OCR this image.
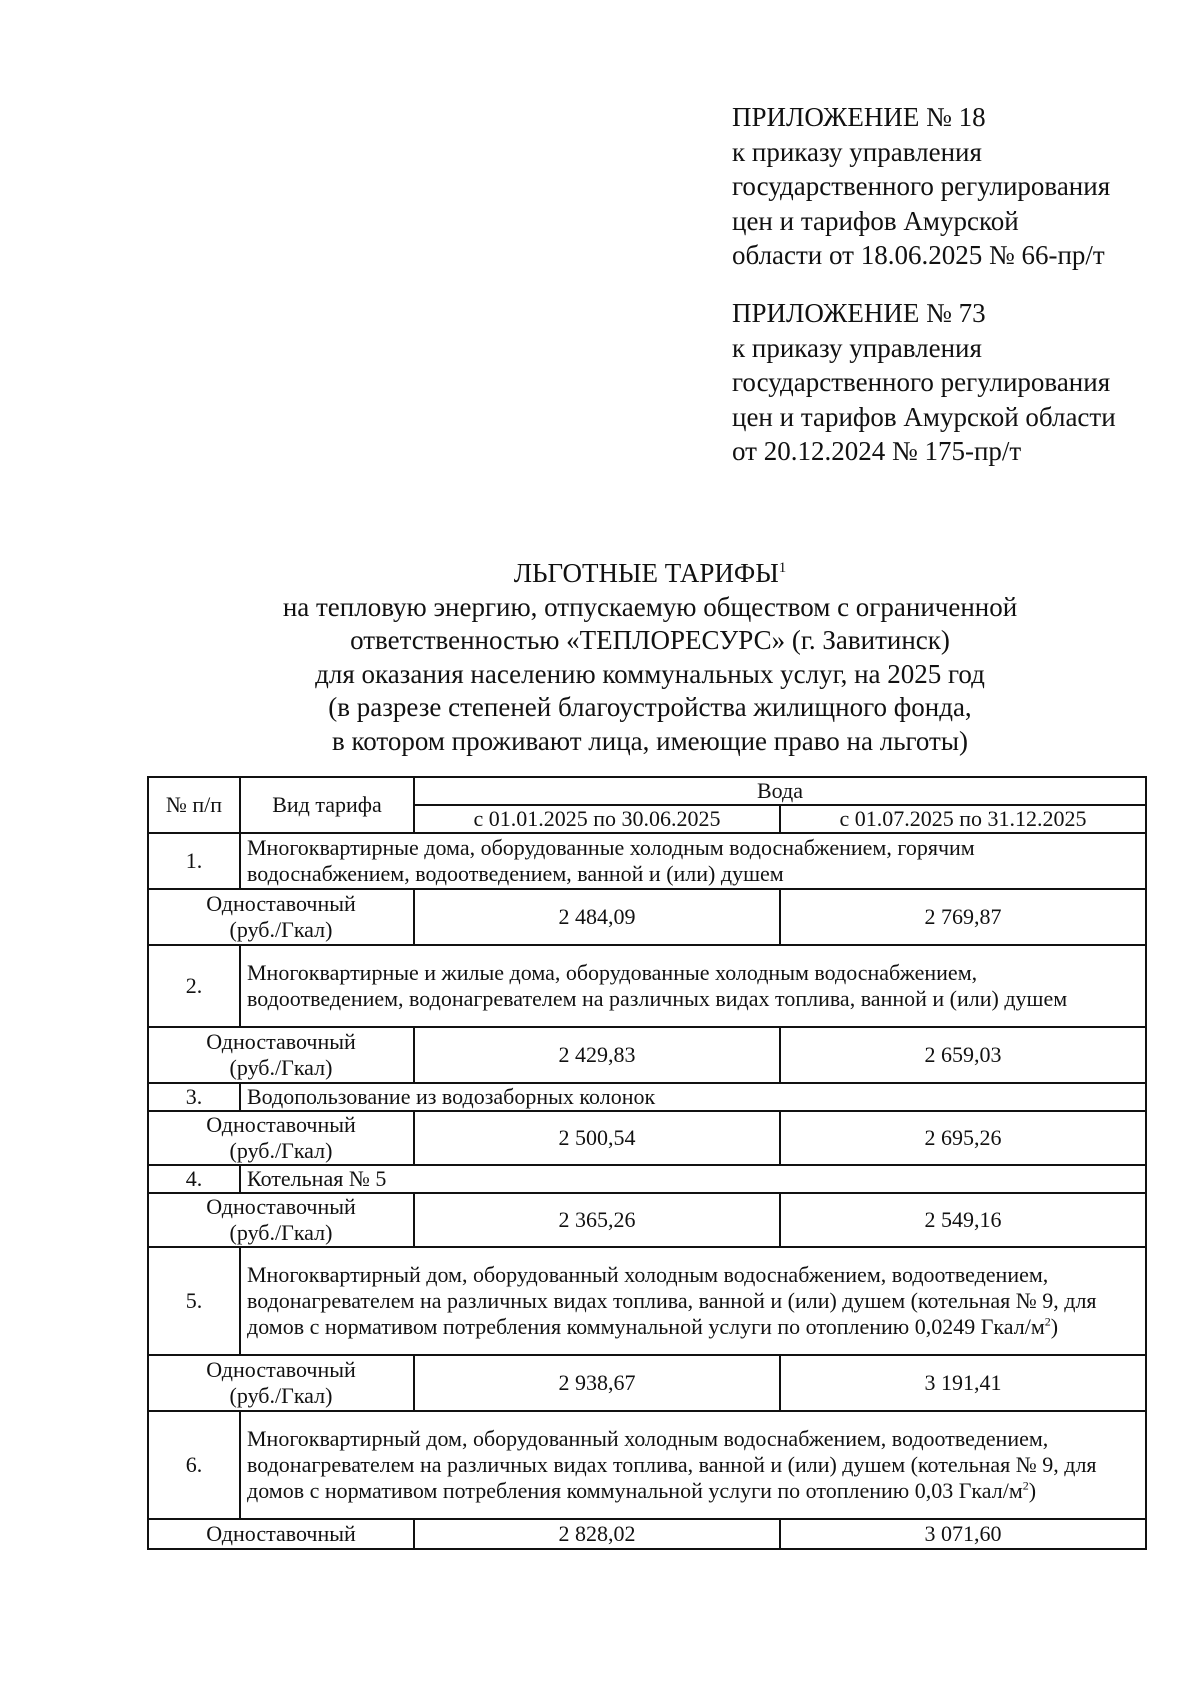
ПРИЛОЖЕНИЕ № 18
к приказу управления
государственного регулирования
цен и тарифов Амурской
области от 18.06.2025 № 66-пр/т
ПРИЛОЖЕНИЕ № 73
к приказу управления
государственного регулирования
цен и тарифов Амурской области
от 20.12.2024 № 175-пр/т
ЛЬГОТНЫЕ ТАРИФЫ$^1$
на тепловую энергию, отпускаемую обществом с ограниченной
ответственностью «ТЕПЛОРЕСУРС» (г. Завитинск)
для оказания населению коммунальных услуг, на 2025 год
(в разрезе степеней благоустройства жилищного фонда,
в котором проживают лица, имеющие право на льготы)
№ п/п	Вид тарифа	Вода	
		с 01.01.2025 по 30.06.2025	с 01.07.2025 по 31.12.2025
1.	Многоквартирные дома, оборудованные холодным водоснабжением, горячим водоснабжением, водоотведением, ванной и (или) душем		

Одноставочный
(руб./Гкал)		2 484,09	2 769,87
2.	Многоквартирные и жилые дома, оборудованные холодным водоснабжением, водоотведением, водонагревателем на различных видах топлива, ванной и (или) душем		

Одноставочный
(руб./Гкал)		2 429,83	2 659,03
3.	Водопользование из водозаборных колонок		

Одноставочный
(руб./Гкал)		2 500,54	2 695,26
4.	Котельная № 5		

Одноставочный
(руб./Гкал)		2 365,26	2 549,16
5.	Многоквартирный дом, оборудованный холодным водоснабжением, водоотведением, водонагревателем на различных видах топлива, ванной и (или) душем (котельная № 9, для домов с нормативом потребления коммунальной услуги по отоплению 0,0249 Гкал/$м^2$)		

Одноставочный
(руб./Гкал)		2 938,67	3 191,41
6.	Многоквартирный дом, оборудованный холодным водоснабжением, водоотведением, водонагревателем на различных видах топлива, ванной и (или) душем (котельная № 9, для домов с нормативом потребления коммунальной услуги по отоплению 0,03 Гкал/$м^2$)		

Одноставочный		2 828,02	3 071,60
